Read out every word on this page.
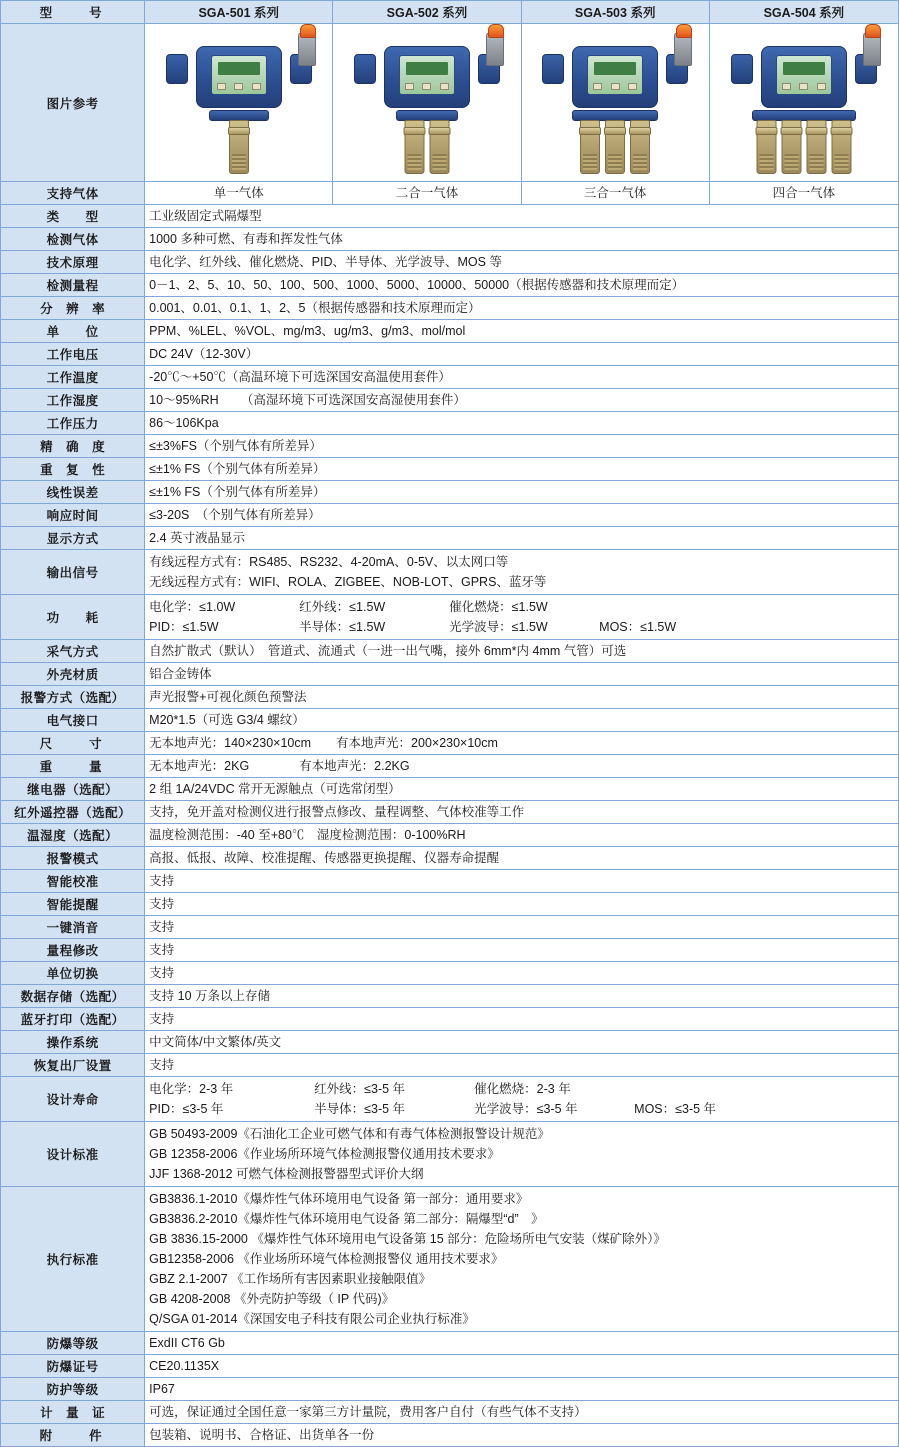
型　　号	SGA-501 系列	SGA-502 系列	SGA-503 系列	SGA-504 系列
图片参考	

支持气体	单一气体	二合一气体	三合一气体	四合一气体
类　　型	工业级固定式隔爆型			
检测气体	1000 多种可燃、有毒和挥发性气体			
技术原理	电化学、红外线、催化燃烧、PID、半导体、光学波导、MOS 等			
检测量程	0－1、2、5、10、50、100、500、1000、5000、10000、50000（根据传感器和技术原理而定）			
分　辨　率	0.001、0.01、0.1、1、2、5（根据传感器和技术原理而定）			
单　　位	PPM、%LEL、%VOL、mg/m3、ug/m3、g/m3、mol/mol			
工作电压	DC 24V（12-30V）			
工作温度	-20℃～+50℃（高温环境下可选深国安高温使用套件）			
工作湿度	10～95%RH 　　（高湿环境下可选深国安高湿使用套件）			
工作压力	86～106Kpa			
精　确　度	≤±3%FS（个别气体有所差异）			
重　复　性	≤±1% FS（个别气体有所差异）			
线性误差	≤±1% FS（个别气体有所差异）			
响应时间	≤3-20S　（个别气体有所差异）			
显示方式	2.4 英寸液晶显示			
输出信号	有线远程方式有：RS485、RS232、4-20mA、0-5V、以太网口等
无线远程方式有：WIFI、ROLA、ZIGBEE、NOB-LOT、GPRS、蓝牙等			

功　　耗	
电化学：≤1.0W	红外线：≤1.5W	催化燃烧：≤1.5W
PID：≤1.5W	半导体：≤1.5W	光学波导：≤1.5W	MOS：≤1.5W

采气方式	自然扩散式（默认）　管道式、流通式（一进一出气嘴，接外 6mm*内 4mm 气管）可选			
外壳材质	铝合金铸体			
报警方式（选配）	声光报警+可视化颜色预警法			
电气接口	M20*1.5（可选 G3/4 螺纹）			
尺　　寸	无本地声光：140×230×10cm　　有本地声光：200×230×10cm			
重　　量	无本地声光：2KG　　　　有本地声光：2.2KG			
继电器（选配）	2 组 1A/24VDC 常开无源触点（可选常闭型）			
红外遥控器（选配）	支持，免开盖对检测仪进行报警点修改、量程调整、气体校准等工作			
温湿度（选配）	温度检测范围：-40 至+80℃　湿度检测范围：0-100%RH			
报警模式	高报、低报、故障、校准提醒、传感器更换提醒、仪器寿命提醒			
智能校准	支持			
智能提醒	支持			
一键消音	支持			
量程修改	支持			
单位切换	支持			
数据存储（选配）	支持 10 万条以上存储			
蓝牙打印（选配）	支持			
操作系统	中文简体/中文繁体/英文			
恢复出厂设置	支持			
设计寿命	
电化学：2-3 年	红外线：≤3-5 年	催化燃烧：2-3 年
PID：≤3-5 年	半导体：≤3-5 年	光学波导：≤3-5 年	MOS：≤3-5 年

设计标准	GB 50493-2009《石油化工企业可燃气体和有毒气体检测报警设计规范》
GB 12358-2006《作业场所环境气体检测报警仪通用技术要求》
JJF 1368-2012 可燃气体检测报警器型式评价大纲			

执行标准	
GB3836.1-2010《爆炸性气体环境用电气设备 第一部分：通用要求》
GB3836.2-2010《爆炸性气体环境用电气设备 第二部分：隔爆型“d”　》
GB 3836.15-2000 《爆炸性气体环境用电气设备第 15 部分：危险场所电气安装（煤矿除外）》
GB12358-2006 《作业场所环境气体检测报警仪 通用技术要求》
GBZ 2.1-2007 《工作场所有害因素职业接触限值》
GB 4208-2008 《外壳防护等级（ IP 代码)》
Q/SGA 01-2014《深国安电子科技有限公司企业执行标准》

防爆等级	ExdII CT6 Gb			
防爆证号	CE20.1135X			
防护等级	IP67			
计　量　证	可选，保证通过全国任意一家第三方计量院，费用客户自付（有些气体不支持）			
附　　件	包装箱、说明书、合格证、出货单各一份			
